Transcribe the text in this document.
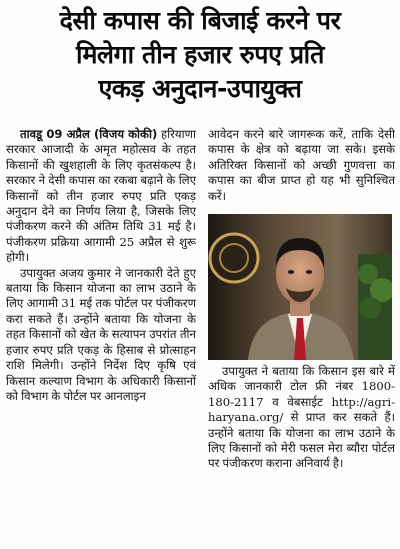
देसी कपास की बिजाई करने पर
मिलेगा तीन हजार रुपए प्रति
एकड़ अनुदान-उपायुक्त

तावडू 09 अप्रैल (विजय कोकी) हरियाणा सरकार आजादी के अमृत महोत्सव के तहत किसानों की खुशहाली के लिए कृतसंकल्प है। सरकार ने देसी कपास का रकबा बढ़ाने के लिए किसानों को तीन हजार रुपए प्रति एकड़ अनुदान देने का निर्णय लिया है, जिसके लिए पंजीकरण करने की अंतिम तिथि 31 मई है। पंजीकरण प्रक्रिया आगामी 25 अप्रैल से शुरू होगी।

उपायुक्त अजय कुमार ने जानकारी देते हुए बताया कि किसान योजना का लाभ उठाने के लिए आगामी 31 मई तक पोर्टल पर पंजीकरण करा सकते हैं। उन्होंने बताया कि योजना के तहत किसानों को खेत के सत्यापन उपरांत तीन हजार रुपए प्रति एकड़ के हिसाब से प्रोत्साहन राशि मिलेगी। उन्होंने निर्देश दिए कृषि एवं किसान कल्याण विभाग के अधिकारी किसानों को विभाग के पोर्टल पर आनलाइन

आवेदन करने बारे जागरूक करें, ताकि देसी कपास के क्षेत्र को बढ़ाया जा सके। इसके अतिरिक्त किसानों को अच्छी गुणवत्ता का कपास का बीज प्राप्त हो यह भी सुनिश्चित करें।

उपायुक्त ने बताया कि किसान इस बारे में अधिक जानकारी टोल फ्री नंबर 1800-180-2117 व वेबसाईट http://agri-haryana.org/ से प्राप्त कर सकते हैं। उन्होंने बताया कि योजना का लाभ उठाने के लिए किसानों को मेरी फसल मेरा ब्यौरा पोर्टल पर पंजीकरण कराना अनिवार्य है।
